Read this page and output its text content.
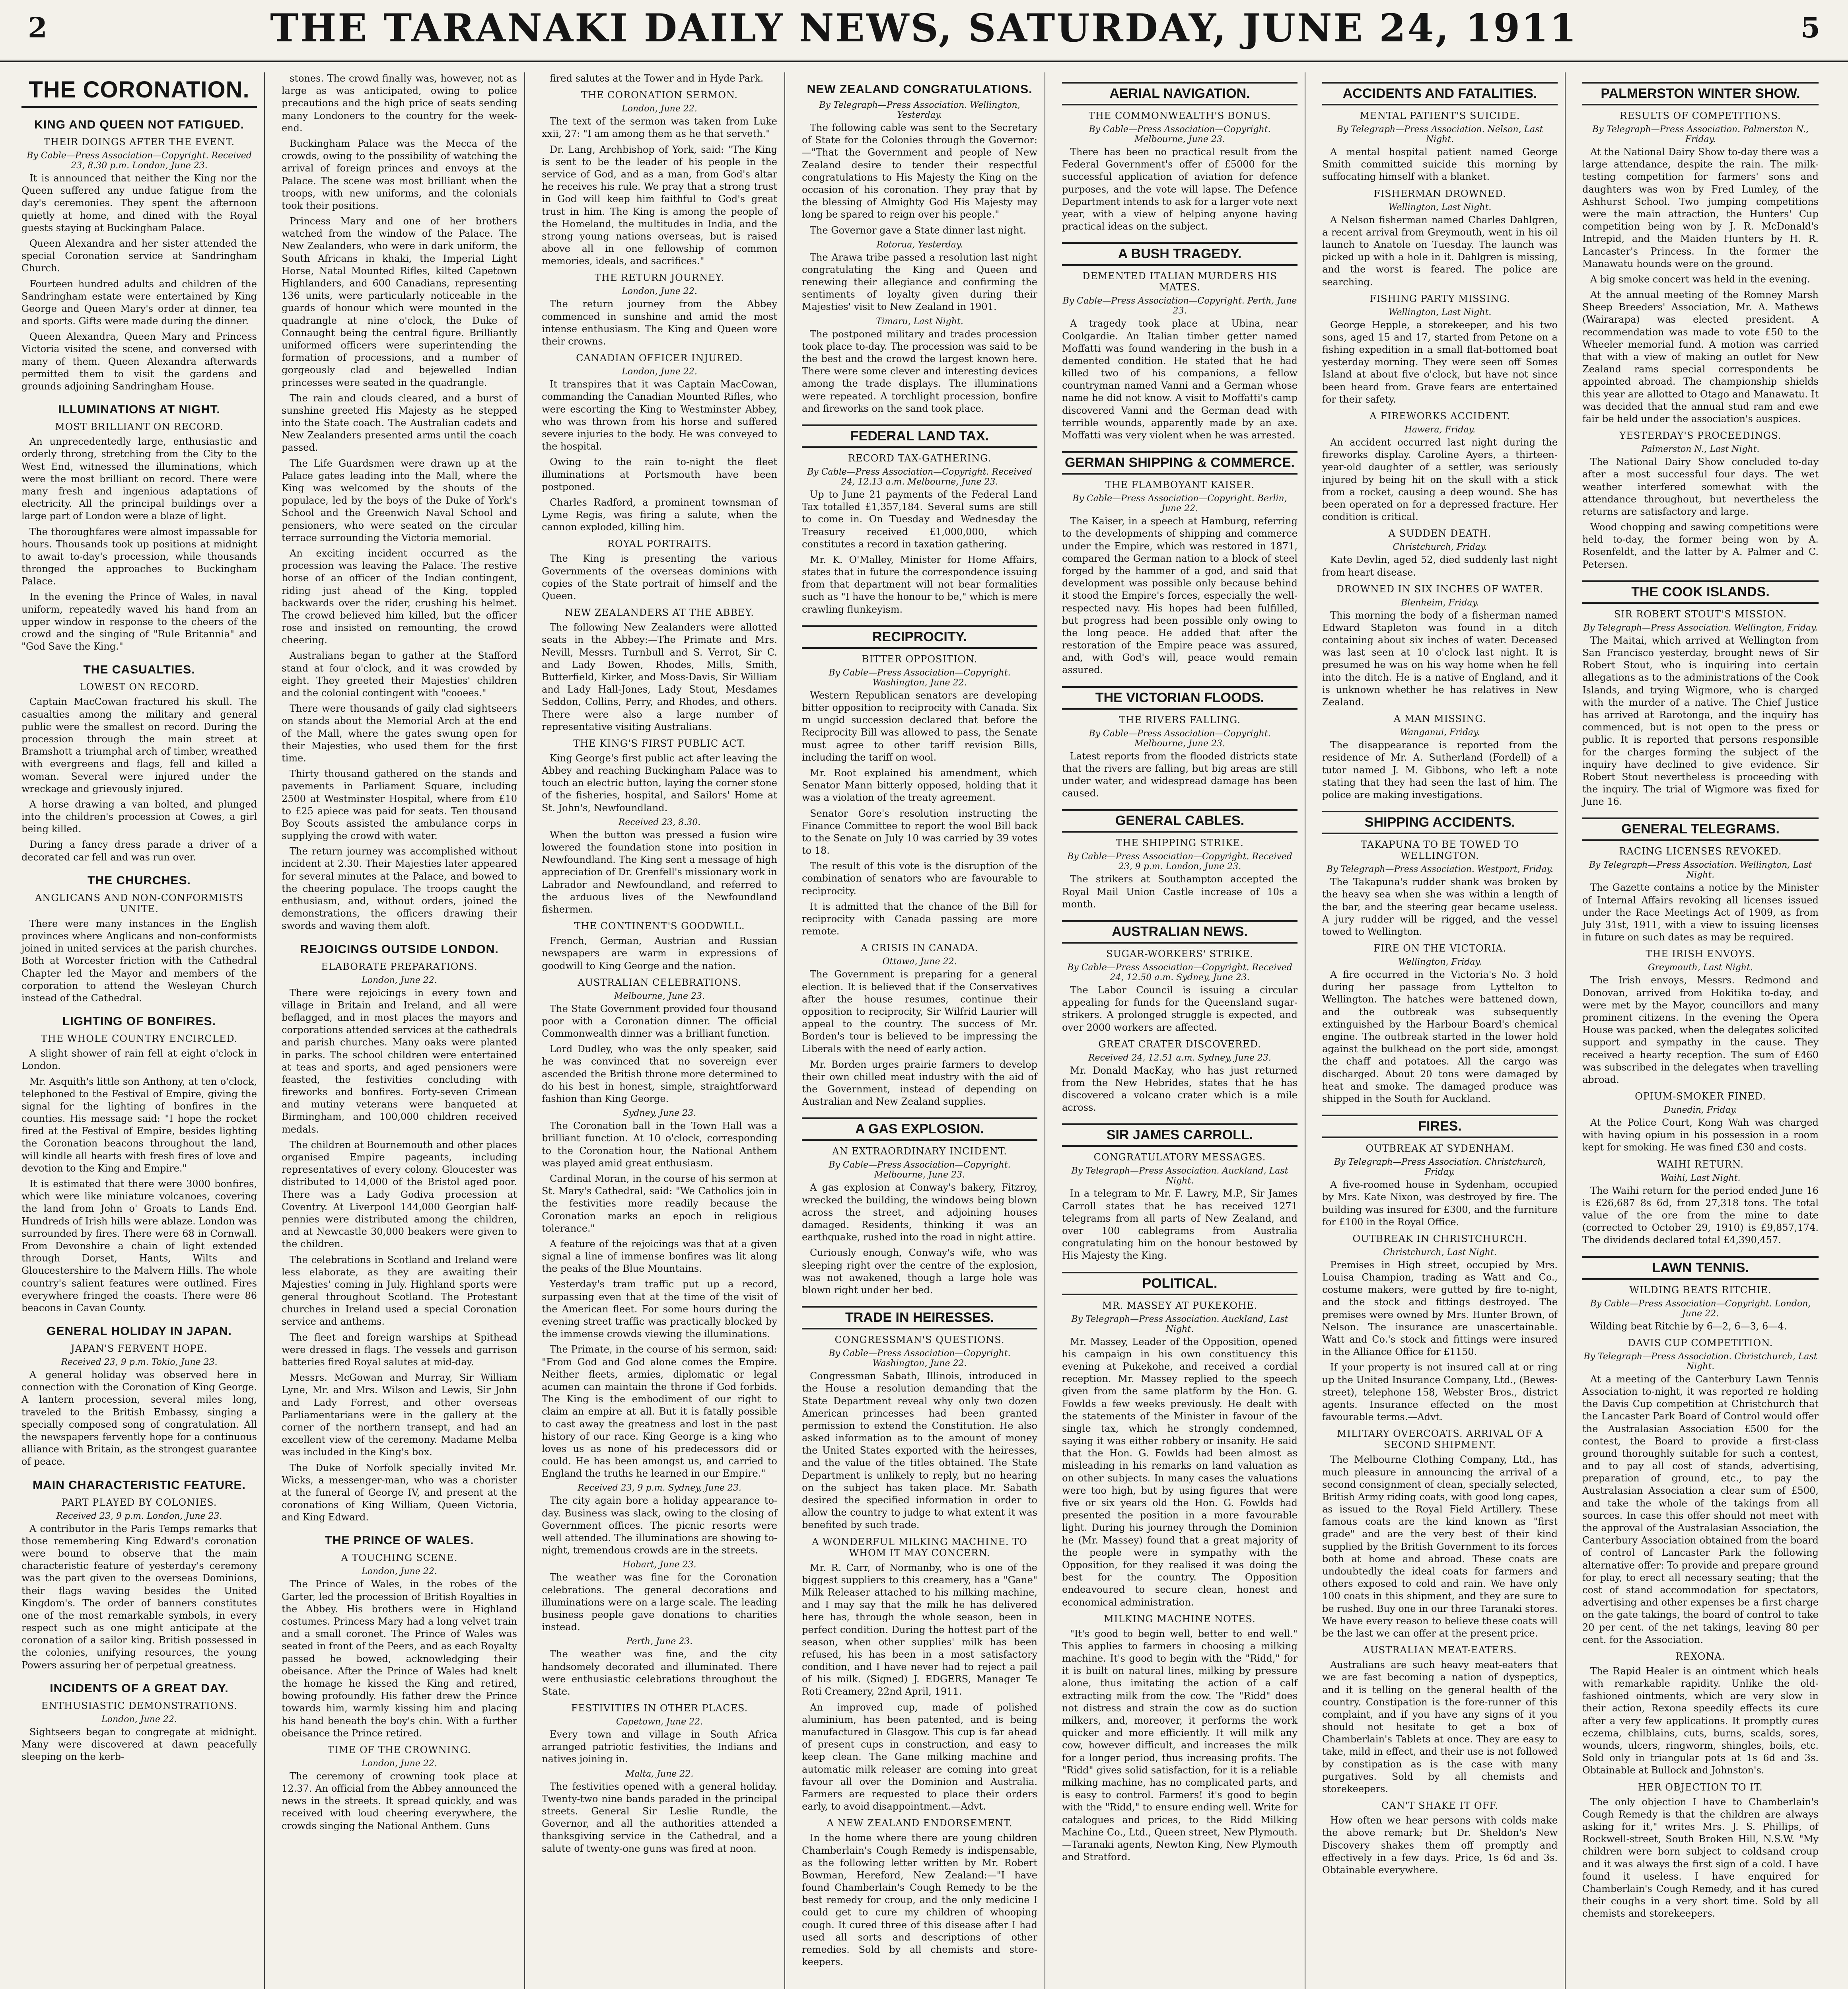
2	THE TARANAKI DAILY NEWS, SATURDAY, JUNE 24, 1911	5
THE CORONATION.
KING AND QUEEN NOT FATIGUED.
THEIR DOINGS AFTER THE EVENT.
By Cable—Press Association—Copyright. Received 23, 8.30 p.m. London, June 23.

It is announced that neither the King nor the Queen suffered any undue fatigue from the day's ceremonies. They spent the afternoon quietly at home, and dined with the Royal guests staying at Buckingham Palace.

Queen Alexandra and her sister attended the special Coronation service at Sandringham Church.

Fourteen hundred adults and children of the Sandringham estate were entertained by King George and Queen Mary's order at dinner, tea and sports. Gifts were made during the dinner.

Queen Alexandra, Queen Mary and Princess Victoria visited the scene, and conversed with many of them. Queen Alexandra afterwards permitted them to visit the gardens and grounds adjoining Sandringham House.

ILLUMINATIONS AT NIGHT.
MOST BRILLIANT ON RECORD.

An unprecedentedly large, enthusiastic and orderly throng, stretching from the City to the West End, witnessed the illuminations, which were the most brilliant on record. There were many fresh and ingenious adaptations of electricity. All the principal buildings over a large part of London were a blaze of light.

The thoroughfares were almost impassable for hours. Thousands took up positions at midnight to await to-day's procession, while thousands thronged the approaches to Buckingham Palace.

In the evening the Prince of Wales, in naval uniform, repeatedly waved his hand from an upper window in response to the cheers of the crowd and the singing of "Rule Britannia" and "God Save the King."

THE CASUALTIES.
LOWEST ON RECORD.

Captain MacCowan fractured his skull. The casualties among the military and general public were the smallest on record. During the procession through the main street at Bramshott a triumphal arch of timber, wreathed with evergreens and flags, fell and killed a woman. Several were injured under the wreckage and grievously injured.

A horse drawing a van bolted, and plunged into the children's procession at Cowes, a girl being killed.

During a fancy dress parade a driver of a decorated car fell and was run over.

THE CHURCHES.
ANGLICANS AND NON-CONFORMISTS UNITE.

There were many instances in the English provinces where Anglicans and non-conformists joined in united services at the parish churches. Both at Worcester friction with the Cathedral Chapter led the Mayor and members of the corporation to attend the Wesleyan Church instead of the Cathedral.

LIGHTING OF BONFIRES.
THE WHOLE COUNTRY ENCIRCLED.

A slight shower of rain fell at eight o'clock in London.

Mr. Asquith's little son Anthony, at ten o'clock, telephoned to the Festival of Empire, giving the signal for the lighting of bonfires in the counties. His message said: "I hope the rocket fired at the Festival of Empire, besides lighting the Coronation beacons throughout the land, will kindle all hearts with fresh fires of love and devotion to the King and Empire."

It is estimated that there were 3000 bonfires, which were like miniature volcanoes, covering the land from John o' Groats to Lands End. Hundreds of Irish hills were ablaze. London was surrounded by fires. There were 68 in Cornwall. From Devonshire a chain of light extended through Dorset, Hants, Wilts and Gloucestershire to the Malvern Hills. The whole country's salient features were outlined. Fires everywhere fringed the coasts. There were 86 beacons in Cavan County.

GENERAL HOLIDAY IN JAPAN.
JAPAN'S FERVENT HOPE.
Received 23, 9 p.m. Tokio, June 23.

A general holiday was observed here in connection with the Coronation of King George. A lantern procession, several miles long, traveled to the British Embassy, singing a specially composed song of congratulation. All the newspapers fervently hope for a continuous alliance with Britain, as the strongest guarantee of peace.

MAIN CHARACTERISTIC FEATURE.
PART PLAYED BY COLONIES.
Received 23, 9 p.m. London, June 23.

A contributor in the Paris Temps remarks that those remembering King Edward's coronation were bound to observe that the main characteristic feature of yesterday's ceremony was the part given to the overseas Dominions, their flags waving besides the United Kingdom's. The order of banners constitutes one of the most remarkable symbols, in every respect such as one might anticipate at the coronation of a sailor king. British possessed in the colonies, unifying resources, the young Powers assuring her of perpetual greatness.

INCIDENTS OF A GREAT DAY.
ENTHUSIASTIC DEMONSTRATIONS.
London, June 22.

Sightseers began to congregate at midnight. Many were discovered at dawn peacefully sleeping on the kerb-

stones. The crowd finally was, however, not as large as was anticipated, owing to police precautions and the high price of seats sending many Londoners to the country for the week-end.

Buckingham Palace was the Mecca of the crowds, owing to the possibility of watching the arrival of foreign princes and envoys at the Palace. The scene was most brilliant when the troops, with new uniforms, and the colonials took their positions.

Princess Mary and one of her brothers watched from the window of the Palace. The New Zealanders, who were in dark uniform, the South Africans in khaki, the Imperial Light Horse, Natal Mounted Rifles, kilted Capetown Highlanders, and 600 Canadians, representing 136 units, were particularly noticeable in the guards of honour which were mounted in the quadrangle at nine o'clock, the Duke of Connaught being the central figure. Brilliantly uniformed officers were superintending the formation of processions, and a number of gorgeously clad and bejewelled Indian princesses were seated in the quadrangle.

The rain and clouds cleared, and a burst of sunshine greeted His Majesty as he stepped into the State coach. The Australian cadets and New Zealanders presented arms until the coach passed.

The Life Guardsmen were drawn up at the Palace gates leading into the Mall, where the King was welcomed by the shouts of the populace, led by the boys of the Duke of York's School and the Greenwich Naval School and pensioners, who were seated on the circular terrace surrounding the Victoria memorial.

An exciting incident occurred as the procession was leaving the Palace. The restive horse of an officer of the Indian contingent, riding just ahead of the King, toppled backwards over the rider, crushing his helmet. The crowd believed him killed, but the officer rose and insisted on remounting, the crowd cheering.

Australians began to gather at the Stafford stand at four o'clock, and it was crowded by eight. They greeted their Majesties' children and the colonial contingent with "cooees."

There were thousands of gaily clad sightseers on stands about the Memorial Arch at the end of the Mall, where the gates swung open for their Majesties, who used them for the first time.

Thirty thousand gathered on the stands and pavements in Parliament Square, including 2500 at Westminster Hospital, where from £10 to £25 apiece was paid for seats. Ten thousand Boy Scouts assisted the ambulance corps in supplying the crowd with water.

The return journey was accomplished without incident at 2.30. Their Majesties later appeared for several minutes at the Palace, and bowed to the cheering populace. The troops caught the enthusiasm, and, without orders, joined the demonstrations, the officers drawing their swords and waving them aloft.

REJOICINGS OUTSIDE LONDON.
ELABORATE PREPARATIONS.
London, June 22.

There were rejoicings in every town and village in Britain and Ireland, and all were beflagged, and in most places the mayors and corporations attended services at the cathedrals and parish churches. Many oaks were planted in parks. The school children were entertained at teas and sports, and aged pensioners were feasted, the festivities concluding with fireworks and bonfires. Forty-seven Crimean and mutiny veterans were banqueted at Birmingham, and 100,000 children received medals.

The children at Bournemouth and other places organised Empire pageants, including representatives of every colony. Gloucester was distributed to 14,000 of the Bristol aged poor. There was a Lady Godiva procession at Coventry. At Liverpool 144,000 Georgian half-pennies were distributed among the children, and at Newcastle 30,000 beakers were given to the children.

The celebrations in Scotland and Ireland were less elaborate, as they are awaiting their Majesties' coming in July. Highland sports were general throughout Scotland. The Protestant churches in Ireland used a special Coronation service and anthems.

The fleet and foreign warships at Spithead were dressed in flags. The vessels and garrison batteries fired Royal salutes at mid-day.

Messrs. McGowan and Murray, Sir William Lyne, Mr. and Mrs. Wilson and Lewis, Sir John and Lady Forrest, and other overseas Parliamentarians were in the gallery at the corner of the northern transept, and had an excellent view of the ceremony. Madame Melba was included in the King's box.

The Duke of Norfolk specially invited Mr. Wicks, a messenger-man, who was a chorister at the funeral of George IV, and present at the coronations of King William, Queen Victoria, and King Edward.

THE PRINCE OF WALES.
A TOUCHING SCENE.
London, June 22.

The Prince of Wales, in the robes of the Garter, led the procession of British Royalties in the Abbey. His brothers were in Highland costumes. Princess Mary had a long velvet train and a small coronet. The Prince of Wales was seated in front of the Peers, and as each Royalty passed he bowed, acknowledging their obeisance. After the Prince of Wales had knelt the homage he kissed the King and retired, bowing profoundly. His father drew the Prince towards him, warmly kissing him and placing his hand beneath the boy's chin. With a further obeisance the Prince retired.

TIME OF THE CROWNING.
London, June 22.

The ceremony of crowning took place at 12.37. An official from the Abbey announced the news in the streets. It spread quickly, and was received with loud cheering everywhere, the crowds singing the National Anthem. Guns

fired salutes at the Tower and in Hyde Park.

THE CORONATION SERMON.
London, June 22.

The text of the sermon was taken from Luke xxii, 27: "I am among them as he that serveth."

Dr. Lang, Archbishop of York, said: "The King is sent to be the leader of his people in the service of God, and as a man, from God's altar he receives his rule. We pray that a strong trust in God will keep him faithful to God's great trust in him. The King is among the people of the Homeland, the multitudes in India, and the strong young nations overseas, but is raised above all in one fellowship of common memories, ideals, and sacrifices."

THE RETURN JOURNEY.
London, June 22.

The return journey from the Abbey commenced in sunshine and amid the most intense enthusiasm. The King and Queen wore their crowns.

CANADIAN OFFICER INJURED.
London, June 22.

It transpires that it was Captain MacCowan, commanding the Canadian Mounted Rifles, who were escorting the King to Westminster Abbey, who was thrown from his horse and suffered severe injuries to the body. He was conveyed to the hospital.

Owing to the rain to-night the fleet illuminations at Portsmouth have been postponed.

Charles Radford, a prominent townsman of Lyme Regis, was firing a salute, when the cannon exploded, killing him.

ROYAL PORTRAITS.

The King is presenting the various Governments of the overseas dominions with copies of the State portrait of himself and the Queen.

NEW ZEALANDERS AT THE ABBEY.

The following New Zealanders were allotted seats in the Abbey:—The Primate and Mrs. Nevill, Messrs. Turnbull and S. Verrot, Sir C. and Lady Bowen, Rhodes, Mills, Smith, Butterfield, Kirker, and Moss-Davis, Sir William and Lady Hall-Jones, Lady Stout, Mesdames Seddon, Collins, Perry, and Rhodes, and others. There were also a large number of representative visiting Australians.

THE KING'S FIRST PUBLIC ACT.

King George's first public act after leaving the Abbey and reaching Buckingham Palace was to touch an electric button, laying the corner stone of the fisheries, hospital, and Sailors' Home at St. John's, Newfoundland.

Received 23, 8.30.

When the button was pressed a fusion wire lowered the foundation stone into position in Newfoundland. The King sent a message of high appreciation of Dr. Grenfell's missionary work in Labrador and Newfoundland, and referred to the arduous lives of the Newfoundland fishermen.

THE CONTINENT'S GOODWILL.

French, German, Austrian and Russian newspapers are warm in expressions of goodwill to King George and the nation.

AUSTRALIAN CELEBRATIONS.
Melbourne, June 23.

The State Government provided four thousand poor with a Coronation dinner. The official Commonwealth dinner was a brilliant function.

Lord Dudley, who was the only speaker, said he was convinced that no sovereign ever ascended the British throne more determined to do his best in honest, simple, straightforward fashion than King George.

Sydney, June 23.

The Coronation ball in the Town Hall was a brilliant function. At 10 o'clock, corresponding to the Coronation hour, the National Anthem was played amid great enthusiasm.

Cardinal Moran, in the course of his sermon at St. Mary's Cathedral, said: "We Catholics join in the festivities more readily because the Coronation marks an epoch in religious tolerance."

A feature of the rejoicings was that at a given signal a line of immense bonfires was lit along the peaks of the Blue Mountains.

Yesterday's tram traffic put up a record, surpassing even that at the time of the visit of the American fleet. For some hours during the evening street traffic was practically blocked by the immense crowds viewing the illuminations.

The Primate, in the course of his sermon, said: "From God and God alone comes the Empire. Neither fleets, armies, diplomatic or legal acumen can maintain the throne if God forbids. The King is the embodiment of our right to claim an empire at all. But it is fatally possible to cast away the greatness and lost in the past history of our race. King George is a king who loves us as none of his predecessors did or could. He has been amongst us, and carried to England the truths he learned in our Empire."

Received 23, 9 p.m. Sydney, June 23.

The city again bore a holiday appearance to-day. Business was slack, owing to the closing of Government offices. The picnic resorts were well attended. The illuminations are showing to-night, tremendous crowds are in the streets.

Hobart, June 23.

The weather was fine for the Coronation celebrations. The general decorations and illuminations were on a large scale. The leading business people gave donations to charities instead.

Perth, June 23.

The weather was fine, and the city handsomely decorated and illuminated. There were enthusiastic celebrations throughout the State.

FESTIVITIES IN OTHER PLACES.
Capetown, June 22.

Every town and village in South Africa arranged patriotic festivities, the Indians and natives joining in.

Malta, June 22.

The festivities opened with a general holiday. Twenty-two nine bands paraded in the principal streets. General Sir Leslie Rundle, the Governor, and all the authorities attended a thanksgiving service in the Cathedral, and a salute of twenty-one guns was fired at noon.

NEW ZEALAND CONGRATULATIONS.
By Telegraph—Press Association. Wellington, Yesterday.

The following cable was sent to the Secretary of State for the Colonies through the Governor:—"That the Government and people of New Zealand desire to tender their respectful congratulations to His Majesty the King on the occasion of his coronation. They pray that by the blessing of Almighty God His Majesty may long be spared to reign over his people."

The Governor gave a State dinner last night.

Rotorua, Yesterday.

The Arawa tribe passed a resolution last night congratulating the King and Queen and renewing their allegiance and confirming the sentiments of loyalty given during their Majesties' visit to New Zealand in 1901.

Timaru, Last Night.

The postponed military and trades procession took place to-day. The procession was said to be the best and the crowd the largest known here. There were some clever and interesting devices among the trade displays. The illuminations were repeated. A torchlight procession, bonfire and fireworks on the sand took place.

FEDERAL LAND TAX.
RECORD TAX-GATHERING.
By Cable—Press Association—Copyright. Received 24, 12.13 a.m. Melbourne, June 23.

Up to June 21 payments of the Federal Land Tax totalled £1,357,184. Several sums are still to come in. On Tuesday and Wednesday the Treasury received £1,000,000, which constitutes a record in taxation gathering.

Mr. K. O'Malley, Minister for Home Affairs, states that in future the correspondence issuing from that department will not bear formalities such as "I have the honour to be," which is mere crawling flunkeyism.

RECIPROCITY.
BITTER OPPOSITION.
By Cable—Press Association—Copyright. Washington, June 22.

Western Republican senators are developing bitter opposition to reciprocity with Canada. Six m ungid succession declared that before the Reciprocity Bill was allowed to pass, the Senate must agree to other tariff revision Bills, including the tariff on wool.

Mr. Root explained his amendment, which Senator Mann bitterly opposed, holding that it was a violation of the treaty agreement.

Senator Gore's resolution instructing the Finance Committee to report the wool Bill back to the Senate on July 10 was carried by 39 votes to 18.

The result of this vote is the disruption of the combination of senators who are favourable to reciprocity.

It is admitted that the chance of the Bill for reciprocity with Canada passing are more remote.

A CRISIS IN CANADA.
Ottawa, June 22.

The Government is preparing for a general election. It is believed that if the Conservatives after the house resumes, continue their opposition to reciprocity, Sir Wilfrid Laurier will appeal to the country. The success of Mr. Borden's tour is believed to be impressing the Liberals with the need of early action.

Mr. Borden urges prairie farmers to develop their own chilled meat industry with the aid of the Government, instead of depending on Australian and New Zealand supplies.

A GAS EXPLOSION.
AN EXTRAORDINARY INCIDENT.
By Cable—Press Association—Copyright. Melbourne, June 23.

A gas explosion at Conway's bakery, Fitzroy, wrecked the building, the windows being blown across the street, and adjoining houses damaged. Residents, thinking it was an earthquake, rushed into the road in night attire.

Curiously enough, Conway's wife, who was sleeping right over the centre of the explosion, was not awakened, though a large hole was blown right under her bed.

TRADE IN HEIRESSES.
CONGRESSMAN'S QUESTIONS.
By Cable—Press Association—Copyright. Washington, June 22.

Congressman Sabath, Illinois, introduced in the House a resolution demanding that the State Department reveal why only two dozen American princesses had been granted permission to extend the Constitution. He also asked information as to the amount of money the United States exported with the heiresses, and the value of the titles obtained. The State Department is unlikely to reply, but no hearing on the subject has taken place. Mr. Sabath desired the specified information in order to allow the country to judge to what extent it was benefited by such trade.

A WONDERFUL MILKING MACHINE. TO WHOM IT MAY CONCERN.

Mr. R. Carr, of Normanby, who is one of the biggest suppliers to this creamery, has a "Gane" Milk Releaser attached to his milking machine, and I may say that the milk he has delivered here has, through the whole season, been in perfect condition. During the hottest part of the season, when other supplies' milk has been refused, his has been in a most satisfactory condition, and I have never had to reject a pail of his milk. (Signed) J. EDGERS, Manager Te Roti Creamery, 22nd April, 1911.

An improved cup, made of polished aluminium, has been patented, and is being manufactured in Glasgow. This cup is far ahead of present cups in construction, and easy to keep clean. The Gane milking machine and automatic milk releaser are coming into great favour all over the Dominion and Australia. Farmers are requested to place their orders early, to avoid disappointment.—Advt.

A NEW ZEALAND ENDORSEMENT.

In the home where there are young children Chamberlain's Cough Remedy is indispensable, as the following letter written by Mr. Robert Bowman, Hereford, New Zealand:—"I have found Chamberlain's Cough Remedy to be the best remedy for croup, and the only medicine I could get to cure my children of whooping cough. It cured three of this disease after I had used all sorts and descriptions of other remedies. Sold by all chemists and store-keepers.

AERIAL NAVIGATION.
THE COMMONWEALTH'S BONUS.
By Cable—Press Association—Copyright. Melbourne, June 23.

There has been no practical result from the Federal Government's offer of £5000 for the successful application of aviation for defence purposes, and the vote will lapse. The Defence Department intends to ask for a larger vote next year, with a view of helping anyone having practical ideas on the subject.

A BUSH TRAGEDY.
DEMENTED ITALIAN MURDERS HIS MATES.
By Cable—Press Association—Copyright. Perth, June 23.

A tragedy took place at Ubina, near Coolgardie. An Italian timber getter named Moffatti was found wandering in the bush in a demented condition. He stated that he had killed two of his companions, a fellow countryman named Vanni and a German whose name he did not know. A visit to Moffatti's camp discovered Vanni and the German dead with terrible wounds, apparently made by an axe. Moffatti was very violent when he was arrested.

GERMAN SHIPPING & COMMERCE.
THE FLAMBOYANT KAISER.
By Cable—Press Association—Copyright. Berlin, June 22.

The Kaiser, in a speech at Hamburg, referring to the developments of shipping and commerce under the Empire, which was restored in 1871, compared the German nation to a block of steel forged by the hammer of a god, and said that development was possible only because behind it stood the Empire's forces, especially the well-respected navy. His hopes had been fulfilled, but progress had been possible only owing to the long peace. He added that after the restoration of the Empire peace was assured, and, with God's will, peace would remain assured.

THE VICTORIAN FLOODS.
THE RIVERS FALLING.
By Cable—Press Association—Copyright. Melbourne, June 23.

Latest reports from the flooded districts state that the rivers are falling, but big areas are still under water, and widespread damage has been caused.

GENERAL CABLES.
THE SHIPPING STRIKE.
By Cable—Press Association—Copyright. Received 23, 9 p.m. London, June 23.

The strikers at Southampton accepted the Royal Mail Union Castle increase of 10s a month.

AUSTRALIAN NEWS.
SUGAR-WORKERS' STRIKE.
By Cable—Press Association—Copyright. Received 24, 12.50 a.m. Sydney, June 23.

The Labor Council is issuing a circular appealing for funds for the Queensland sugar-strikers. A prolonged struggle is expected, and over 2000 workers are affected.

GREAT CRATER DISCOVERED.
Received 24, 12.51 a.m. Sydney, June 23.

Mr. Donald MacKay, who has just returned from the New Hebrides, states that he has discovered a volcano crater which is a mile across.

SIR JAMES CARROLL.
CONGRATULATORY MESSAGES.
By Telegraph—Press Association. Auckland, Last Night.

In a telegram to Mr. F. Lawry, M.P., Sir James Carroll states that he has received 1271 telegrams from all parts of New Zealand, and over 100 cablegrams from Australia congratulating him on the honour bestowed by His Majesty the King.

POLITICAL.
MR. MASSEY AT PUKEKOHE.
By Telegraph—Press Association. Auckland, Last Night.

Mr. Massey, Leader of the Opposition, opened his campaign in his own constituency this evening at Pukekohe, and received a cordial reception. Mr. Massey replied to the speech given from the same platform by the Hon. G. Fowlds a few weeks previously. He dealt with the statements of the Minister in favour of the single tax, which he strongly condemned, saying it was either robbery or insanity. He said that the Hon. G. Fowlds had been almost as misleading in his remarks on land valuation as on other subjects. In many cases the valuations were too high, but by using figures that were five or six years old the Hon. G. Fowlds had presented the position in a more favourable light. During his journey through the Dominion he (Mr. Massey) found that a great majority of the people were in sympathy with the Opposition, for they realised it was doing the best for the country. The Opposition endeavoured to secure clean, honest and economical administration.

MILKING MACHINE NOTES.

"It's good to begin well, better to end well." This applies to farmers in choosing a milking machine. It's good to begin with the "Ridd," for it is built on natural lines, milking by pressure alone, thus imitating the action of a calf extracting milk from the cow. The "Ridd" does not distress and strain the cow as do suction milkers, and, moreover, it performs the work quicker and more efficiently. It will milk any cow, however difficult, and increases the milk for a longer period, thus increasing profits. The "Ridd" gives solid satisfaction, for it is a reliable milking machine, has no complicated parts, and is easy to control. Farmers! it's good to begin with the "Ridd," to ensure ending well. Write for catalogues and prices, to the Ridd Milking Machine Co., Ltd., Queen street, New Plymouth.—Taranaki agents, Newton King, New Plymouth and Stratford.

ACCIDENTS AND FATALITIES.
MENTAL PATIENT'S SUICIDE.
By Telegraph—Press Association. Nelson, Last Night.

A mental hospital patient named George Smith committed suicide this morning by suffocating himself with a blanket.

FISHERMAN DROWNED.
Wellington, Last Night.

A Nelson fisherman named Charles Dahlgren, a recent arrival from Greymouth, went in his oil launch to Anatole on Tuesday. The launch was picked up with a hole in it. Dahlgren is missing, and the worst is feared. The police are searching.

FISHING PARTY MISSING.
Wellington, Last Night.

George Hepple, a storekeeper, and his two sons, aged 15 and 17, started from Petone on a fishing expedition in a small flat-bottomed boat yesterday morning. They were seen off Somes Island at about five o'clock, but have not since been heard from. Grave fears are entertained for their safety.

A FIREWORKS ACCIDENT.
Hawera, Friday.

An accident occurred last night during the fireworks display. Caroline Ayers, a thirteen-year-old daughter of a settler, was seriously injured by being hit on the skull with a stick from a rocket, causing a deep wound. She has been operated on for a depressed fracture. Her condition is critical.

A SUDDEN DEATH.
Christchurch, Friday.

Kate Devlin, aged 52, died suddenly last night from heart disease.

DROWNED IN SIX INCHES OF WATER.
Blenheim, Friday.

This morning the body of a fisherman named Edward Stapleton was found in a ditch containing about six inches of water. Deceased was last seen at 10 o'clock last night. It is presumed he was on his way home when he fell into the ditch. He is a native of England, and it is unknown whether he has relatives in New Zealand.

A MAN MISSING.
Wanganui, Friday.

The disappearance is reported from the residence of Mr. A. Sutherland (Fordell) of a tutor named J. M. Gibbons, who left a note stating that they had seen the last of him. The police are making investigations.

SHIPPING ACCIDENTS.
TAKAPUNA TO BE TOWED TO WELLINGTON.
By Telegraph—Press Association. Westport, Friday.

The Takapuna's rudder shank was broken by the heavy sea when she was within a length of the bar, and the steering gear became useless. A jury rudder will be rigged, and the vessel towed to Wellington.

FIRE ON THE VICTORIA.
Wellington, Friday.

A fire occurred in the Victoria's No. 3 hold during her passage from Lyttelton to Wellington. The hatches were battened down, and the outbreak was subsequently extinguished by the Harbour Board's chemical engine. The outbreak started in the lower hold against the bulkhead on the port side, amongst the chaff and potatoes. All the cargo was discharged. About 20 tons were damaged by heat and smoke. The damaged produce was shipped in the South for Auckland.

FIRES.
OUTBREAK AT SYDENHAM.
By Telegraph—Press Association. Christchurch, Friday.

A five-roomed house in Sydenham, occupied by Mrs. Kate Nixon, was destroyed by fire. The building was insured for £300, and the furniture for £100 in the Royal Office.

OUTBREAK IN CHRISTCHURCH.
Christchurch, Last Night.

Premises in High street, occupied by Mrs. Louisa Champion, trading as Watt and Co., costume makers, were gutted by fire to-night, and the stock and fittings destroyed. The premises were owned by Mrs. Hunter Brown, of Nelson. The insurance are unascertainable. Watt and Co.'s stock and fittings were insured in the Alliance Office for £1150.

If your property is not insured call at or ring up the United Insurance Company, Ltd., (Bewes-street), telephone 158, Webster Bros., district agents. Insurance effected on the most favourable terms.—Advt.

MILITARY OVERCOATS. ARRIVAL OF A SECOND SHIPMENT.

The Melbourne Clothing Company, Ltd., has much pleasure in announcing the arrival of a second consignment of clean, specially selected, British Army riding coats, with good long capes, as issued to the Royal Field Artillery. These famous coats are the kind known as "first grade" and are the very best of their kind supplied by the British Government to its forces both at home and abroad. These coats are undoubtedly the ideal coats for farmers and others exposed to cold and rain. We have only 100 coats in this shipment, and they are sure to be rushed. Buy one in our three Taranaki stores. We have every reason to believe these coats will be the last we can offer at the present price.

AUSTRALIAN MEAT-EATERS.

Australians are such heavy meat-eaters that we are fast becoming a nation of dyspeptics, and it is telling on the general health of the country. Constipation is the fore-runner of this complaint, and if you have any signs of it you should not hesitate to get a box of Chamberlain's Tablets at once. They are easy to take, mild in effect, and their use is not followed by constipation as is the case with many purgatives. Sold by all chemists and storekeepers.

CAN'T SHAKE IT OFF.

How often we hear persons with colds make the above remark; but Dr. Sheldon's New Discovery shakes them off promptly and effectively in a few days. Price, 1s 6d and 3s. Obtainable everywhere.

PALMERSTON WINTER SHOW.
RESULTS OF COMPETITIONS.
By Telegraph—Press Association. Palmerston N., Friday.

At the National Dairy Show to-day there was a large attendance, despite the rain. The milk-testing competition for farmers' sons and daughters was won by Fred Lumley, of the Ashhurst School. Two jumping competitions were the main attraction, the Hunters' Cup competition being won by J. R. McDonald's Intrepid, and the Maiden Hunters by H. R. Lancaster's Princess. In the former the Manawatu hounds were on the ground.

A big smoke concert was held in the evening.

At the annual meeting of the Romney Marsh Sheep Breeders' Association, Mr. A. Mathews (Wairarapa) was elected president. A recommendation was made to vote £50 to the Wheeler memorial fund. A motion was carried that with a view of making an outlet for New Zealand rams special correspondents be appointed abroad. The championship shields this year are allotted to Otago and Manawatu. It was decided that the annual stud ram and ewe fair be held under the association's auspices.

YESTERDAY'S PROCEEDINGS.
Palmerston N., Last Night.

The National Dairy Show concluded to-day after a most successful four days. The wet weather interfered somewhat with the attendance throughout, but nevertheless the returns are satisfactory and large.

Wood chopping and sawing competitions were held to-day, the former being won by A. Rosenfeldt, and the latter by A. Palmer and C. Petersen.

THE COOK ISLANDS.
SIR ROBERT STOUT'S MISSION.
By Telegraph—Press Association. Wellington, Friday.

The Maitai, which arrived at Wellington from San Francisco yesterday, brought news of Sir Robert Stout, who is inquiring into certain allegations as to the administrations of the Cook Islands, and trying Wigmore, who is charged with the murder of a native. The Chief Justice has arrived at Rarotonga, and the inquiry has commenced, but is not open to the press or public. It is reported that persons responsible for the charges forming the subject of the inquiry have declined to give evidence. Sir Robert Stout nevertheless is proceeding with the inquiry. The trial of Wigmore was fixed for June 16.

GENERAL TELEGRAMS.
RACING LICENSES REVOKED.
By Telegraph—Press Association. Wellington, Last Night.

The Gazette contains a notice by the Minister of Internal Affairs revoking all licenses issued under the Race Meetings Act of 1909, as from July 31st, 1911, with a view to issuing licenses in future on such dates as may be required.

THE IRISH ENVOYS.
Greymouth, Last Night.

The Irish envoys, Messrs. Redmond and Donovan, arrived from Hokitika to-day, and were met by the Mayor, councillors and many prominent citizens. In the evening the Opera House was packed, when the delegates solicited support and sympathy in the cause. They received a hearty reception. The sum of £460 was subscribed in the delegates when travelling abroad.

OPIUM-SMOKER FINED.
Dunedin, Friday.

At the Police Court, Kong Wah was charged with having opium in his possession in a room kept for smoking. He was fined £30 and costs.

WAIHI RETURN.
Waihi, Last Night.

The Waihi return for the period ended June 16 is £26,687 8s 6d, from 27,318 tons. The total value of the ore from the mine to date (corrected to October 29, 1910) is £9,857,174. The dividends declared total £4,390,457.

LAWN TENNIS.
WILDING BEATS RITCHIE.
By Cable—Press Association—Copyright. London, June 22.

Wilding beat Ritchie by 6—2, 6—3, 6—4.

DAVIS CUP COMPETITION.
By Telegraph—Press Association. Christchurch, Last Night.

At a meeting of the Canterbury Lawn Tennis Association to-night, it was reported re holding the Davis Cup competition at Christchurch that the Lancaster Park Board of Control would offer the Australasian Association £500 for the contest, the Board to provide a first-class ground thoroughly suitable for such a contest, and to pay all cost of stands, advertising, preparation of ground, etc., to pay the Australasian Association a clear sum of £500, and take the whole of the takings from all sources. In case this offer should not meet with the approval of the Australasian Association, the Canterbury Association obtained from the board of control of Lancaster Park the following alternative offer: To provide and prepare ground for play, to erect all necessary seating; that the cost of stand accommodation for spectators, advertising and other expenses be a first charge on the gate takings, the board of control to take 20 per cent. of the net takings, leaving 80 per cent. for the Association.

REXONA.

The Rapid Healer is an ointment which heals with remarkable rapidity. Unlike the old-fashioned ointments, which are very slow in their action, Rexona speedily effects its cure after a very few applications. It promptly cures eczema, chilblains, cuts, burns, scalds, sores, wounds, ulcers, ringworm, shingles, boils, etc. Sold only in triangular pots at 1s 6d and 3s. Obtainable at Bullock and Johnston's.

HER OBJECTION TO IT.

The only objection I have to Chamberlain's Cough Remedy is that the children are always asking for it," writes Mrs. J. S. Phillips, of Rockwell-street, South Broken Hill, N.S.W. "My children were born subject to coldsand croup and it was always the first sign of a cold. I have found it useless. I have enquired for Chamberlain's Cough Remedy, and it has cured their coughs in a very short time. Sold by all chemists and storekeepers.
